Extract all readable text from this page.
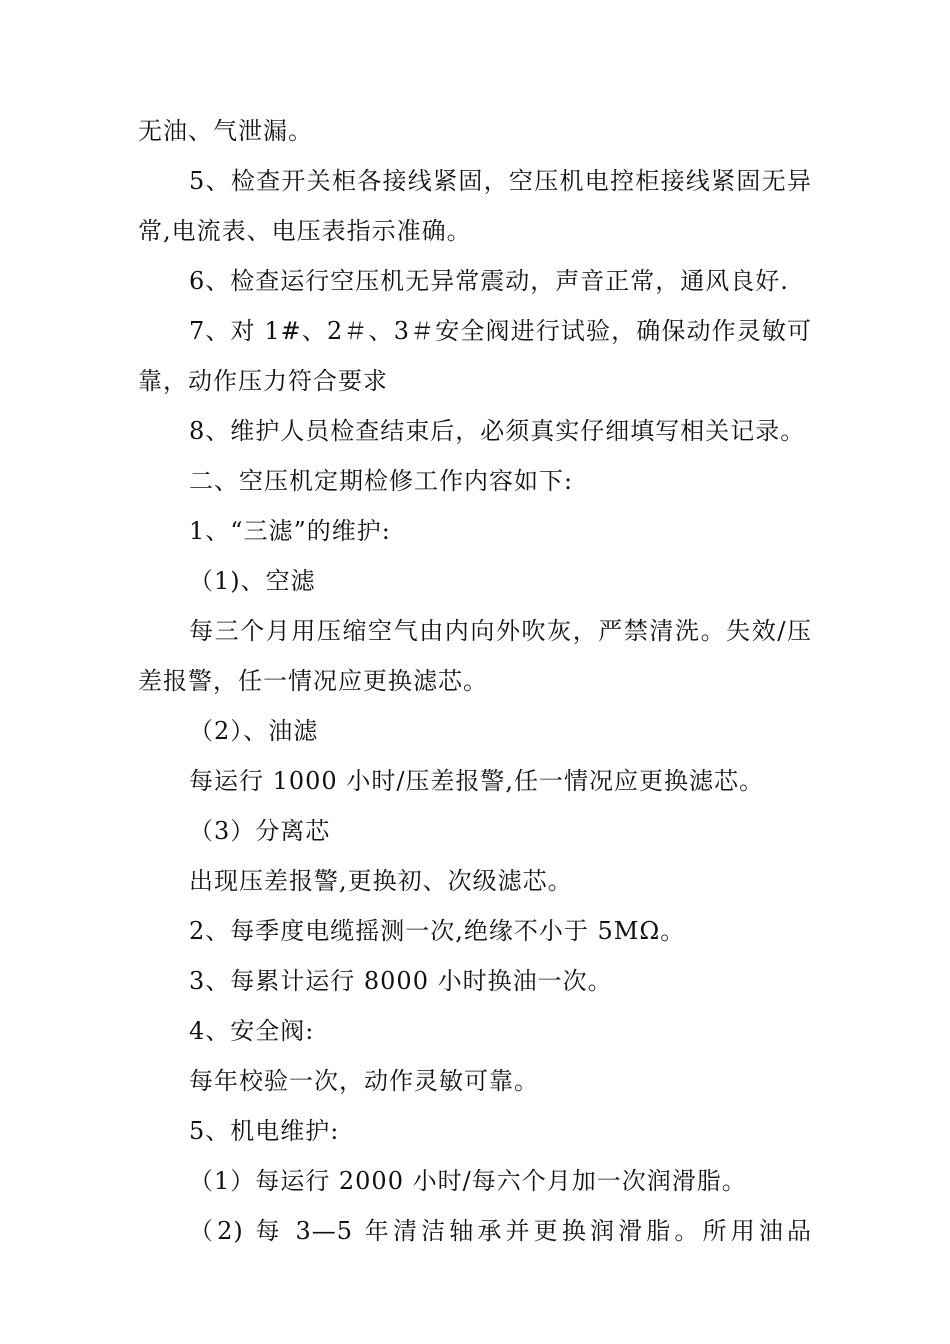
无油、气泄漏。
5、检查开关柜各接线紧固，空压机电控柜接线紧固无异
常,电流表、电压表指示准确。
6、检查运行空压机无异常震动，声音正常，通风良好.
7、对 1#、2＃、3＃安全阀进行试验，确保动作灵敏可
靠，动作压力符合要求
8、维护人员检查结束后，必须真实仔细填写相关记录。
二、空压机定期检修工作内容如下:
1、“三滤”的维护:
（1)、空滤
每三个月用压缩空气由内向外吹灰，严禁清洗。失效/压
差报警，任一情况应更换滤芯。
（2）、油滤
每运行 1000 小时/压差报警,任一情况应更换滤芯。
（3）分离芯
出现压差报警,更换初、次级滤芯。
2、每季度电缆摇测一次,绝缘不小于 5MΩ。
3、每累计运行 8000 小时换油一次。
4、安全阀:
每年校验一次，动作灵敏可靠。
5、机电维护:
（1）每运行 2000 小时/每六个月加一次润滑脂。
（2) 每 3—5 年清洁轴承并更换润滑脂。所用油品
